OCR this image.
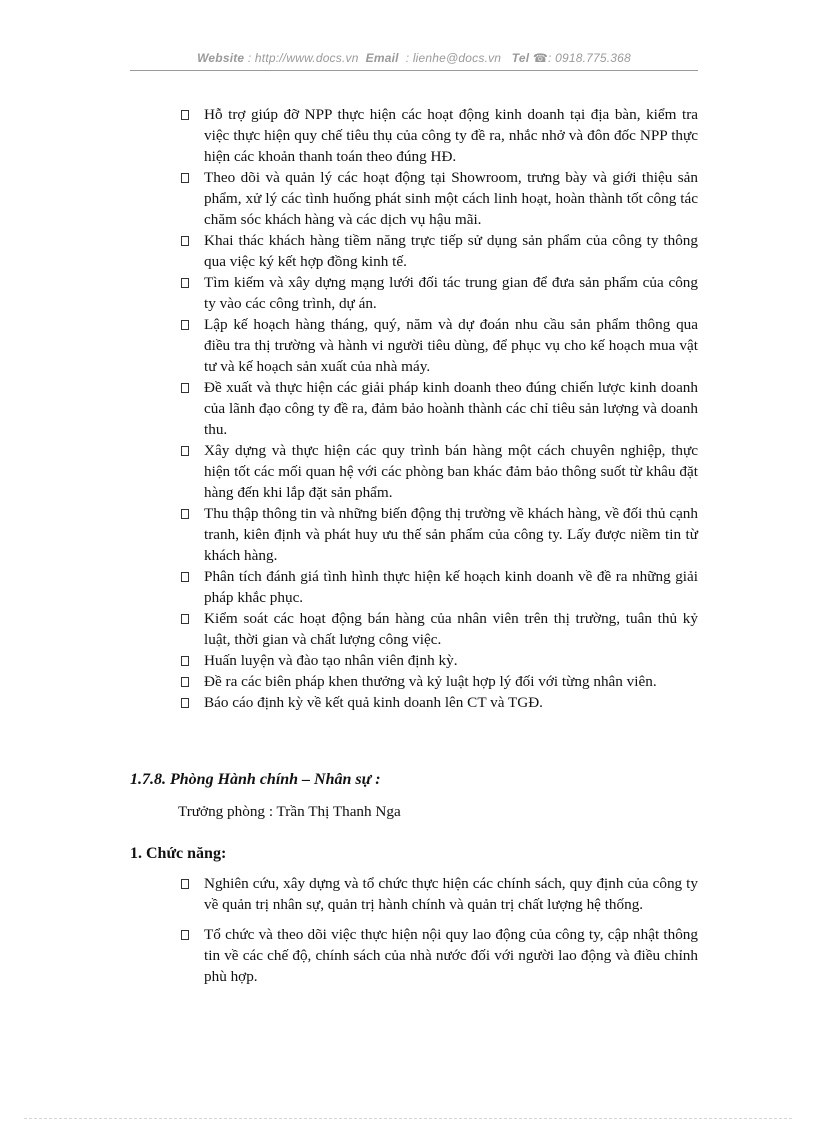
Website : http://www.docs.vn Email : lienhe@docs.vn Tel ☎: 0918.775.368
Hỗ trợ giúp đỡ NPP thực hiện các hoạt động kinh doanh tại địa bàn, kiểm tra việc thực hiện quy chế tiêu thụ của công ty đề ra, nhắc nhở và đôn đốc NPP thực hiện các khoản thanh toán theo đúng HĐ.
Theo dõi và quản lý các hoạt động tại Showroom, trưng bày và giới thiệu sản phẩm, xử lý các tình huống phát sinh một cách linh hoạt, hoàn thành tốt công tác chăm sóc khách hàng và các dịch vụ hậu mãi.
Khai thác khách hàng tiềm năng trực tiếp sử dụng sản phẩm của công ty thông qua việc ký kết hợp đồng kinh tế.
Tìm kiếm và xây dựng mạng lưới đối tác trung gian để đưa sản phẩm của công ty vào các công trình, dự án.
Lập kế hoạch hàng tháng, quý, năm và dự đoán nhu cầu sản phẩm thông qua điều tra thị trường và hành vi người tiêu dùng, để phục vụ cho kế hoạch mua vật tư và kế hoạch sản xuất của nhà máy.
Đề xuất và thực hiện các giải pháp kinh doanh theo đúng chiến lược kinh doanh của lãnh đạo công ty đề ra, đảm bảo hoành thành các chỉ tiêu sản lượng và doanh thu.
Xây dựng và thực hiện các quy trình bán hàng một cách chuyên nghiệp, thực hiện tốt các mối quan hệ với các phòng ban khác đảm bảo thông suốt từ khâu đặt hàng đến khi lắp đặt sản phẩm.
Thu thập thông tin và những biến động thị trường về khách hàng, về đối thủ cạnh tranh, kiên định và phát huy ưu thế sản phẩm của công ty. Lấy được niềm tin từ khách hàng.
Phân tích đánh giá tình hình thực hiện kế hoạch kinh doanh về đề ra những giải pháp khắc phục.
Kiểm soát các hoạt động bán hàng của nhân viên trên thị trường, tuân thủ kỷ luật, thời gian và chất lượng công việc.
Huấn luyện và đào tạo nhân viên định kỳ.
Đề ra các biên pháp khen thưởng và kỷ luật hợp lý đối với từng nhân viên.
Báo cáo định kỳ về kết quả kinh doanh lên CT và TGĐ.
1.7.8. Phòng Hành chính – Nhân sự :
Trưởng phòng : Trần Thị Thanh Nga
1. Chức năng:
Nghiên cứu, xây dựng và tổ chức thực hiện các chính sách, quy định của công ty về quản trị nhân sự, quản trị hành chính và quản trị chất lượng hệ thống.
Tổ chức và theo dõi việc thực hiện nội quy lao động của công ty, cập nhật thông tin về các chế độ, chính sách của nhà nước đối với người lao động và điều chỉnh phù hợp.
